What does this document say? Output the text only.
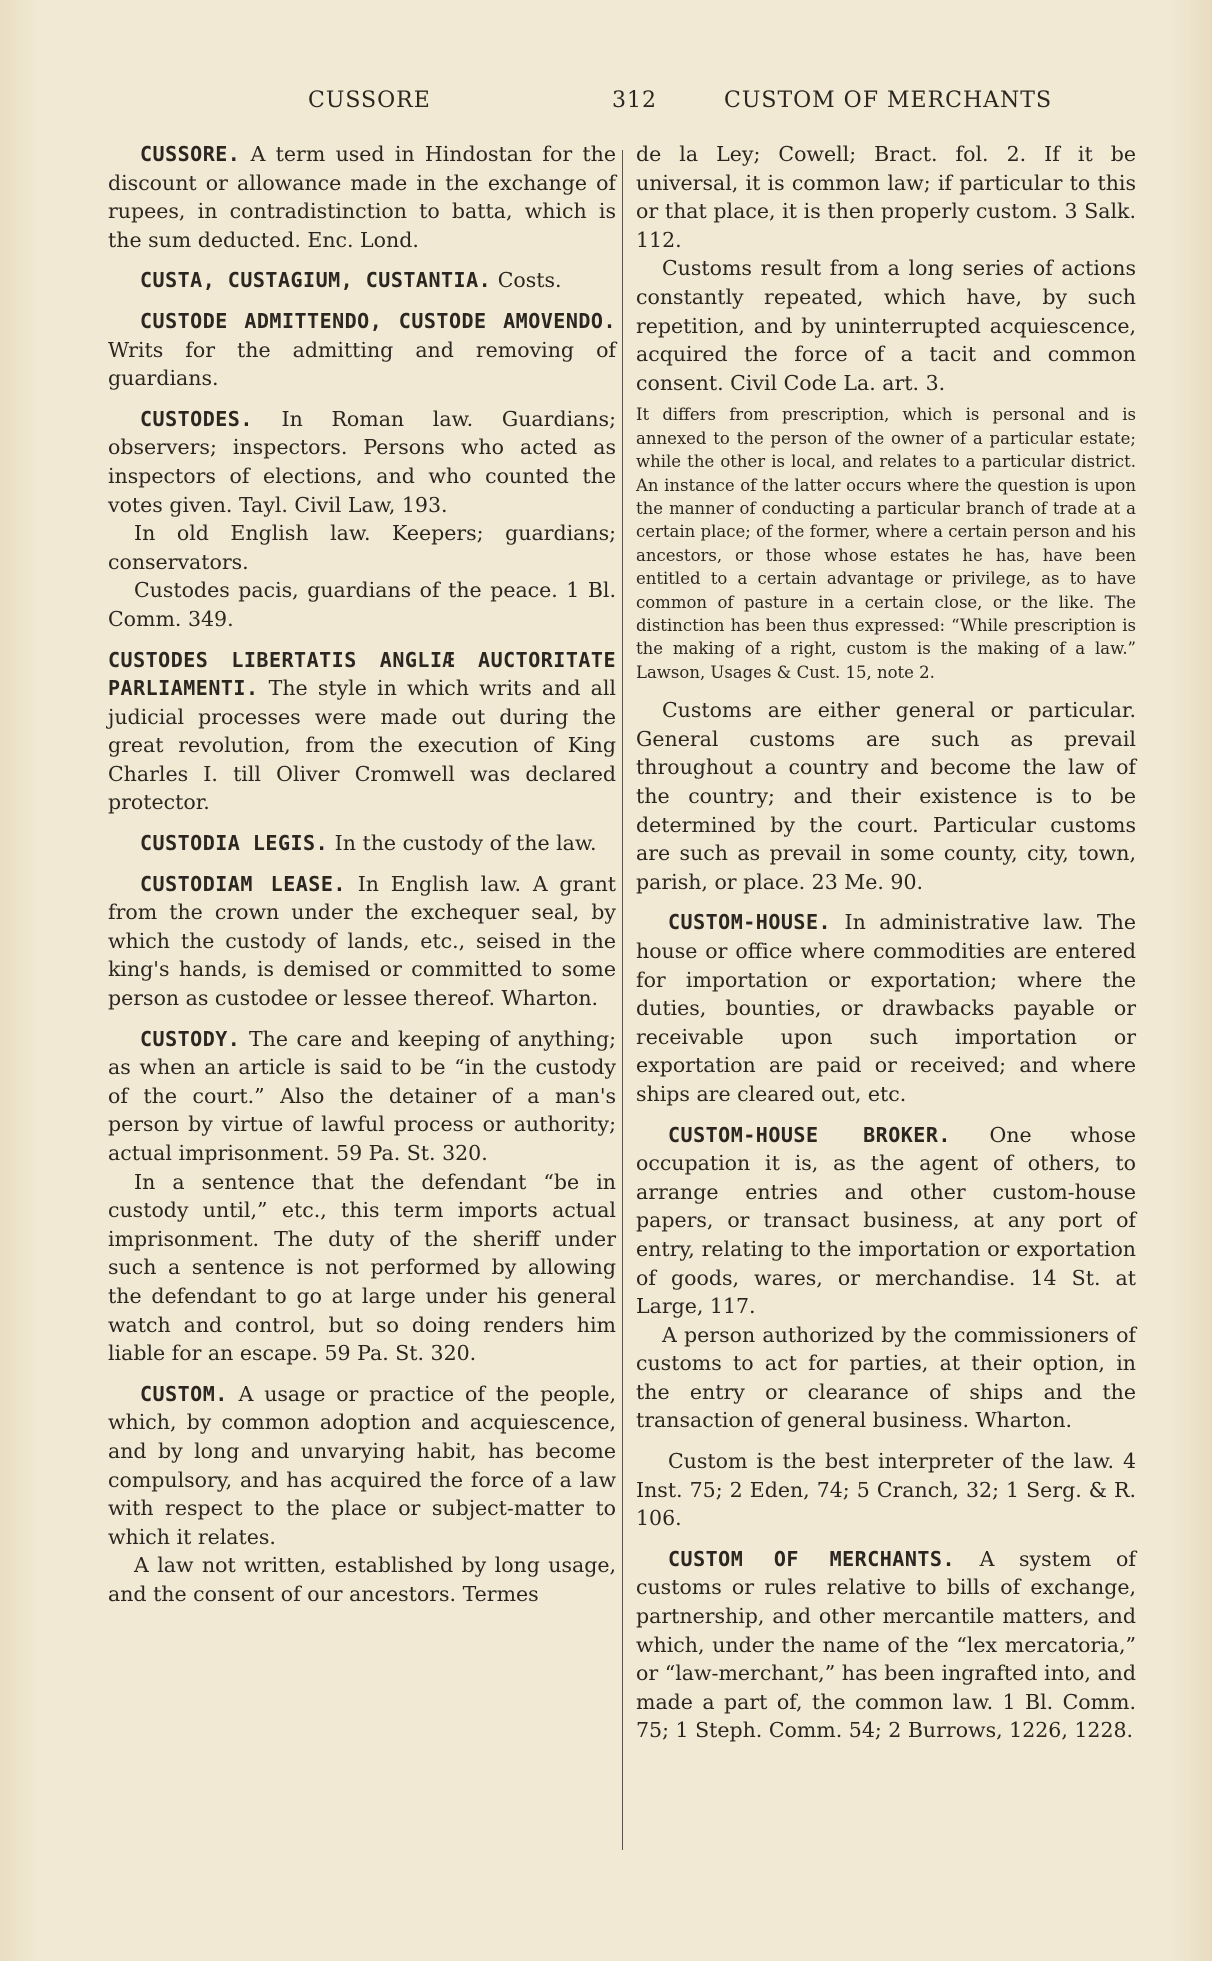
CUSSORE	312	CUSTOM OF MERCHANTS

CUSSORE. A term used in Hindostan for the discount or allowance made in the exchange of rupees, in contradistinction to batta, which is the sum deducted. Enc. Lond.

CUSTA, CUSTAGIUM, CUSTANTIA. Costs.

CUSTODE ADMITTENDO, CUSTODE AMOVENDO. Writs for the admitting and removing of guardians.

CUSTODES. In Roman law. Guardians; observers; inspectors. Persons who acted as inspectors of elections, and who counted the votes given. Tayl. Civil Law, 193.

In old English law. Keepers; guardians; conservators.

Custodes pacis, guardians of the peace. 1 Bl. Comm. 349.

CUSTODES LIBERTATIS ANGLIÆ AUCTORITATE PARLIAMENTI. The style in which writs and all judicial processes were made out during the great revolution, from the execution of King Charles I. till Oliver Cromwell was declared protector.

CUSTODIA LEGIS. In the custody of the law.

CUSTODIAM LEASE. In English law. A grant from the crown under the exchequer seal, by which the custody of lands, etc., seised in the king's hands, is demised or committed to some person as custodee or lessee thereof. Wharton.

CUSTODY. The care and keeping of anything; as when an article is said to be “in the custody of the court.” Also the detainer of a man's person by virtue of lawful process or authority; actual imprisonment. 59 Pa. St. 320.

In a sentence that the defendant “be in custody until,” etc., this term imports actual imprisonment. The duty of the sheriff under such a sentence is not performed by allowing the defendant to go at large under his general watch and control, but so doing renders him liable for an escape. 59 Pa. St. 320.

CUSTOM. A usage or practice of the people, which, by common adoption and acquiescence, and by long and unvarying habit, has become compulsory, and has acquired the force of a law with respect to the place or subject-matter to which it relates.

A law not written, established by long usage, and the consent of our ancestors. Termes

de la Ley; Cowell; Bract. fol. 2. If it be universal, it is common law; if particular to this or that place, it is then properly custom. 3 Salk. 112.

Customs result from a long series of actions constantly repeated, which have, by such repetition, and by uninterrupted acquiescence, acquired the force of a tacit and common consent. Civil Code La. art. 3.

It differs from prescription, which is personal and is annexed to the person of the owner of a particular estate; while the other is local, and relates to a particular district. An instance of the latter occurs where the question is upon the manner of conducting a particular branch of trade at a certain place; of the former, where a certain person and his ancestors, or those whose estates he has, have been entitled to a certain advantage or privilege, as to have common of pasture in a certain close, or the like. The distinction has been thus expressed: “While prescription is the making of a right, custom is the making of a law.” Lawson, Usages & Cust. 15, note 2.

Customs are either general or particular. General customs are such as prevail throughout a country and become the law of the country; and their existence is to be determined by the court. Particular customs are such as prevail in some county, city, town, parish, or place. 23 Me. 90.

CUSTOM-HOUSE. In administrative law. The house or office where commodities are entered for importation or exportation; where the duties, bounties, or drawbacks payable or receivable upon such importation or exportation are paid or received; and where ships are cleared out, etc.

CUSTOM-HOUSE BROKER. One whose occupation it is, as the agent of others, to arrange entries and other custom-house papers, or transact business, at any port of entry, relating to the importation or exportation of goods, wares, or merchandise. 14 St. at Large, 117.

A person authorized by the commissioners of customs to act for parties, at their option, in the entry or clearance of ships and the transaction of general business. Wharton.

Custom is the best interpreter of the law. 4 Inst. 75; 2 Eden, 74; 5 Cranch, 32; 1 Serg. & R. 106.

CUSTOM OF MERCHANTS. A system of customs or rules relative to bills of exchange, partnership, and other mercantile matters, and which, under the name of the “lex mercatoria,” or “law-merchant,” has been ingrafted into, and made a part of, the common law. 1 Bl. Comm. 75; 1 Steph. Comm. 54; 2 Burrows, 1226, 1228.
